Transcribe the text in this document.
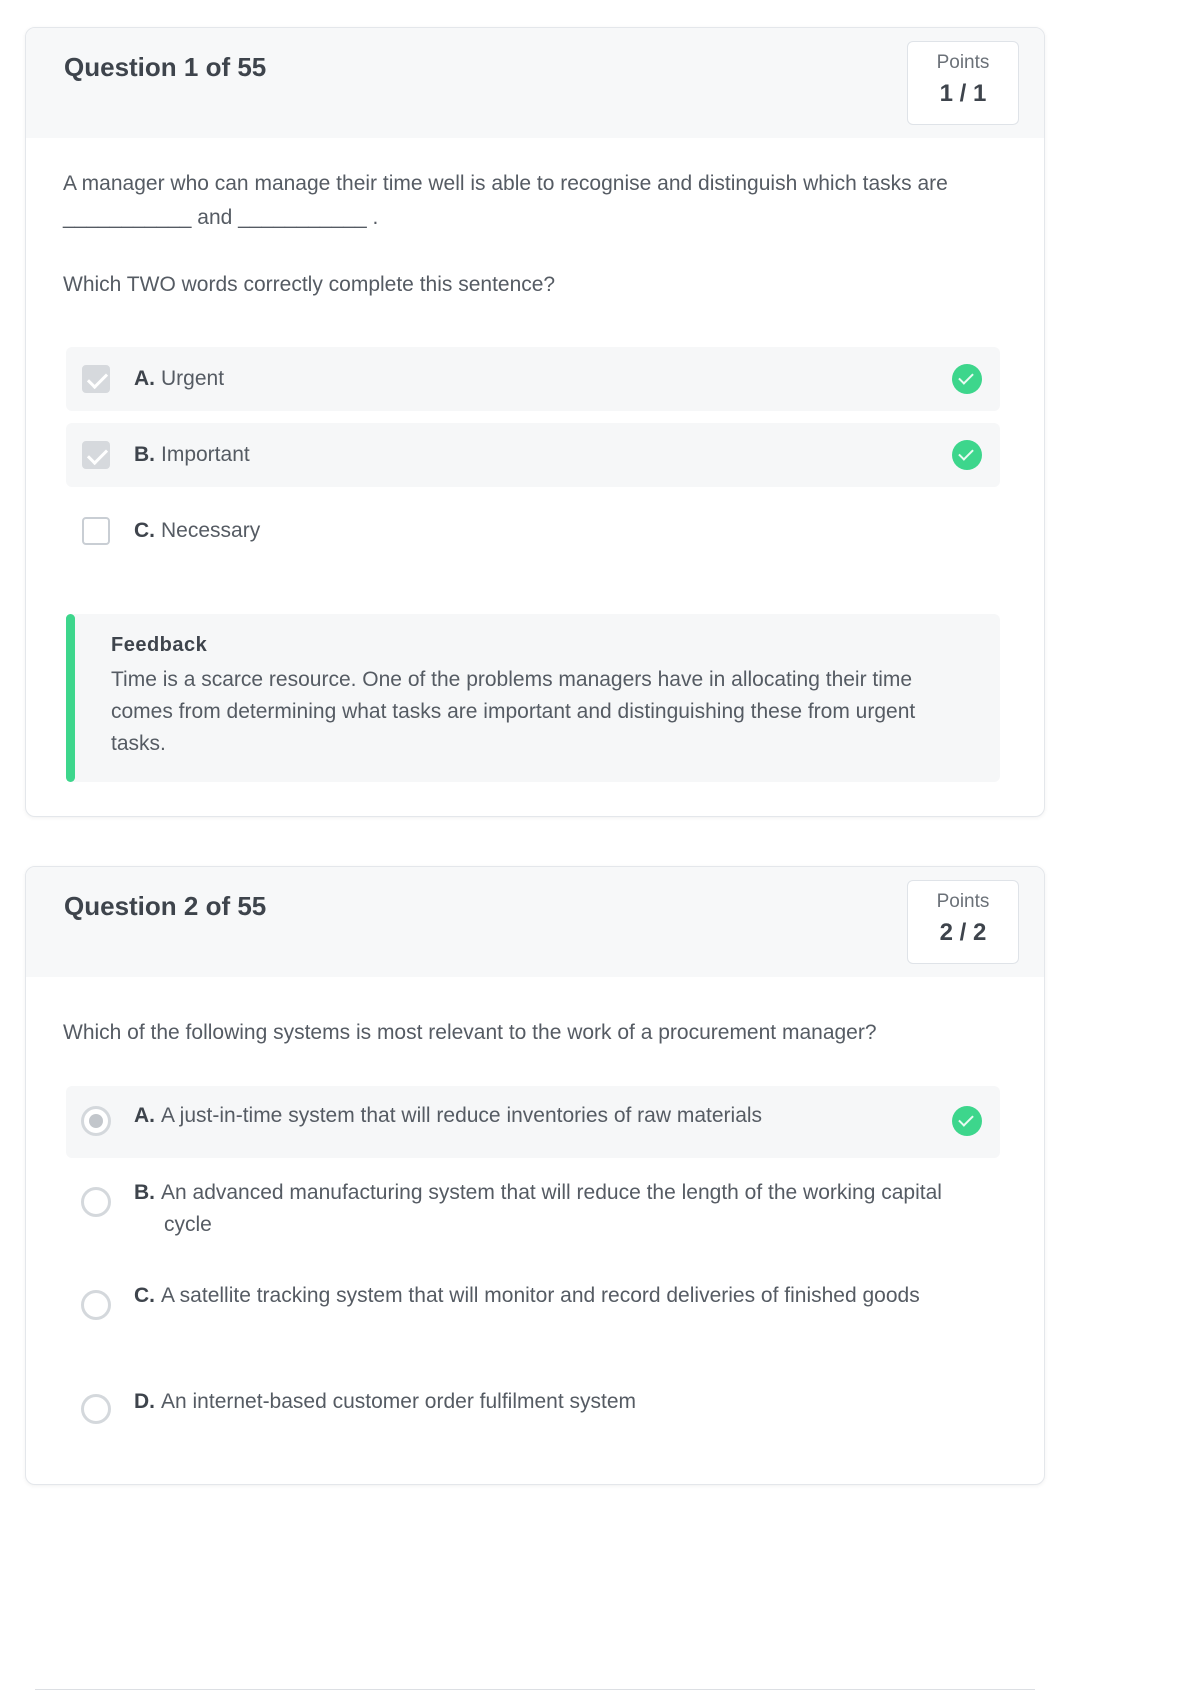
Question 1 of 55	Points
1 / 1
A manager who can manage their time well is able to recognise and distinguish which tasks are
___________ and ___________ .
Which TWO words correctly complete this sentence?
A. Urgent
B. Important
C. Necessary
Feedback
Time is a scarce resource. One of the problems managers have in allocating their time comes from determining what tasks are important and distinguishing these from urgent tasks.
Question 2 of 55	Points
2 / 2
Which of the following systems is most relevant to the work of a procurement manager?
A. A just-in-time system that will reduce inventories of raw materials
B. An advanced manufacturing system that will reduce the length of the working capital cycle
C. A satellite tracking system that will monitor and record deliveries of finished goods
D. An internet-based customer order fulfilment system
